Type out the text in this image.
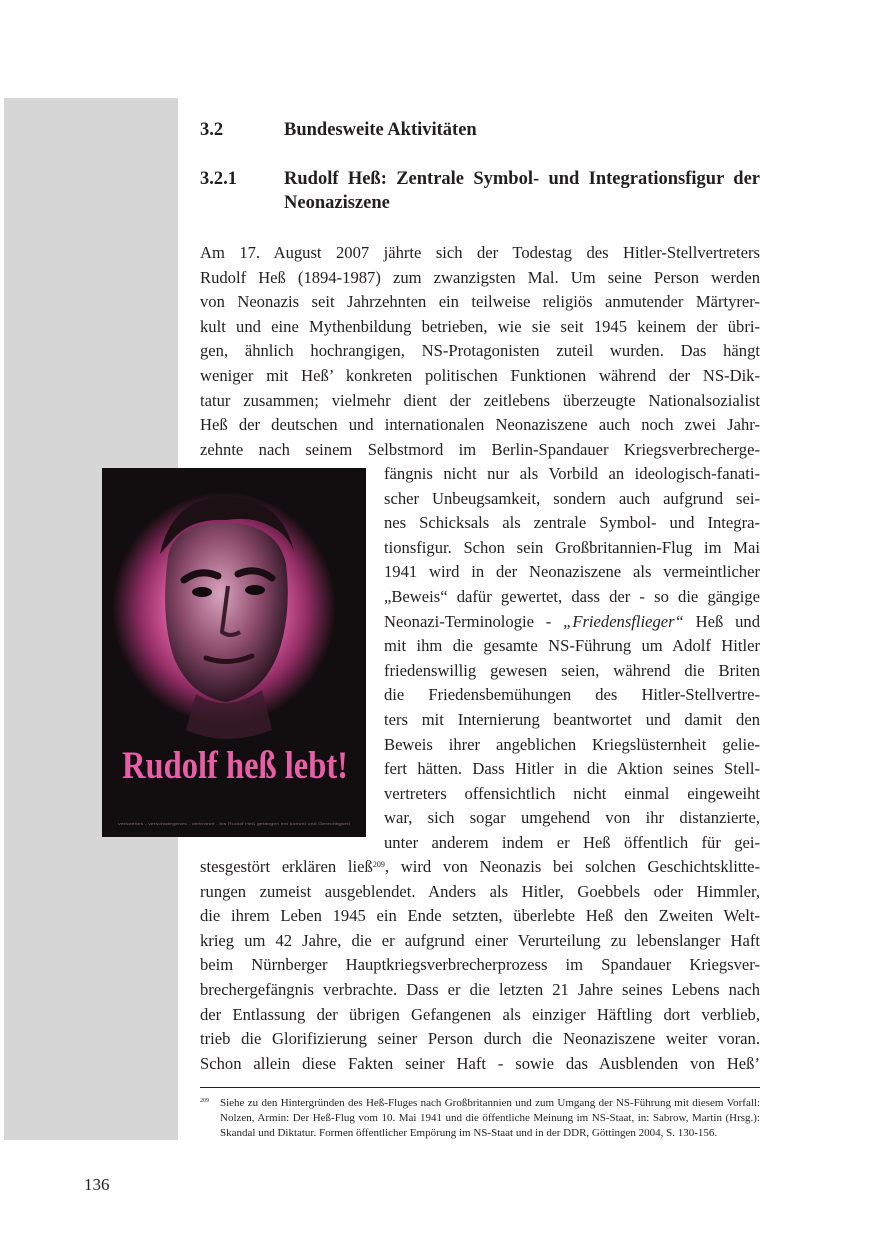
3.2	Bundesweite Aktivitäten
3.2.1	Rudolf Heß: Zentrale Symbol- und Integrationsfigur der
Neonaziszene
Am 17. August 2007 jährte sich der Todestag des Hitler-Stellvertreters
Rudolf Heß (1894-1987) zum zwanzigsten Mal. Um seine Person werden
von Neonazis seit Jahrzehnten ein teilweise religiös anmutender Märtyrer-
kult und eine Mythenbildung betrieben, wie sie seit 1945 keinem der übri-
gen, ähnlich hochrangigen, NS-Protagonisten zuteil wurden. Das hängt
weniger mit Heß’ konkreten politischen Funktionen während der NS-Dik-
tatur zusammen; vielmehr dient der zeitlebens überzeugte Nationalsozialist
Heß der deutschen und internationalen Neonaziszene auch noch zwei Jahr-
zehnte nach seinem Selbstmord im Berlin-Spandauer Kriegsverbrecherge-
Rudolf heß lebt!
verlorenes - verschwiegenes - verbrannt - bis Rudolf Heß gefangen frei kommt und Gerechtigkeit
fängnis nicht nur als Vorbild an ideologisch-fanati-
scher Unbeugsamkeit, sondern auch aufgrund sei-
nes Schicksals als zentrale Symbol- und Integra-
tionsfigur. Schon sein Großbritannien-Flug im Mai
1941 wird in der Neonaziszene als vermeintlicher
„Beweis“ dafür gewertet, dass der - so die gängige
Neonazi-Terminologie - „Friedensflieger“ Heß und
mit ihm die gesamte NS-Führung um Adolf Hitler
friedenswillig gewesen seien, während die Briten
die Friedensbemühungen des Hitler-Stellvertre-
ters mit Internierung beantwortet und damit den
Beweis ihrer angeblichen Kriegslüsternheit gelie-
fert hätten. Dass Hitler in die Aktion seines Stell-
vertreters offensichtlich nicht einmal eingeweiht
war, sich sogar umgehend von ihr distanzierte,
unter anderem indem er Heß öffentlich für gei-
stesgestört erklären ließ$^{209}$, wird von Neonazis bei solchen Geschichtsklitte-
rungen zumeist ausgeblendet. Anders als Hitler, Goebbels oder Himmler,
die ihrem Leben 1945 ein Ende setzten, überlebte Heß den Zweiten Welt-
krieg um 42 Jahre, die er aufgrund einer Verurteilung zu lebenslanger Haft
beim Nürnberger Hauptkriegsverbrecherprozess im Spandauer Kriegsver-
brechergefängnis verbrachte. Dass er die letzten 21 Jahre seines Lebens nach
der Entlassung der übrigen Gefangenen als einziger Häftling dort verblieb,
trieb die Glorifizierung seiner Person durch die Neonaziszene weiter voran.
Schon allein diese Fakten seiner Haft - sowie das Ausblenden von Heß’
209 Siehe zu den Hintergründen des Heß-Fluges nach Großbritannien und zum Umgang der NS-Führung mit diesem Vorfall: Nolzen, Armin: Der Heß-Flug vom 10. Mai 1941 und die öffentliche Meinung im NS-Staat, in: Sabrow, Martin (Hrsg.): Skandal und Diktatur. Formen öffentlicher Empörung im NS-Staat und in der DDR, Göttingen 2004, S. 130-156.
136
